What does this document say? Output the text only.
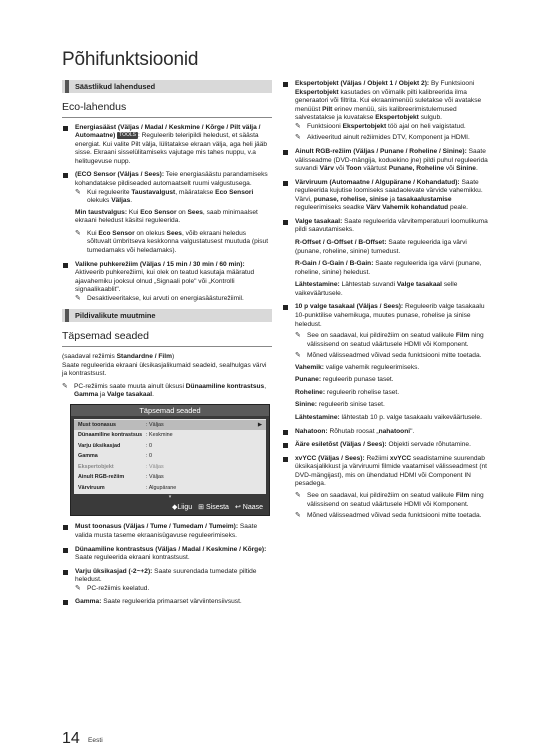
Põhifunktsioonid
Säästlikud lahendused
Eco-lahendus
Energiasääst (Väljas / Madal / Keskmine / Kõrge / Pilt välja / Automaatne) TOOLS : Reguleerib teleripildi heledust, et säästa energiat. Kui valite Pilt välja, lülitatakse ekraan välja, aga heli jääb sisse. Ekraani sisselülitamiseks vajutage mis tahes nuppu, v.a helitugevuse nupp.
(ECO Sensor (Väljas / Sees): Teie energiasäästu parandamiseks kohandatakse pildiseaded automaatselt ruumi valgustusega.
✎ Kui reguleerite Taustavalgust, määratakse Eco Sensori olekuks Väljas.
Min taustvalgus: Kui Eco Sensor on Sees, saab minimaalset ekraani heledust käsitsi reguleerida.
✎ Kui Eco Sensor on olekus Sees, võib ekraani heledus sõltuvalt ümbritseva keskkonna valgustatusest muutuda (pisut tumedamaks või heledamaks).
Valikne puhkerežiim (Väljas / 15 min / 30 min / 60 min): Aktiveerib puhkerežiimi, kui olek on teatud kasutaja määratud ajavahemiku jooksul olnud „Signaali pole" või „Kontrolli signaalikaablit".
✎ Desaktiveeritakse, kui arvuti on energiasäästurežiimil.
Pildivalikute muutmine
Täpsemad seaded
(saadaval režiimis Standardne / Film)
Saate reguleerida ekraani üksikasjalikumaid seadeid, sealhulgas värvi ja kontrastsust.
✎ PC-režiimis saate muuta ainult üksusi Dünaamiline kontrastsus, Gamma ja Valge tasakaal.
Täpsemad seaded
Must toonasus	: Väljas	▶
Dünaamiline kontrastsus : Keskmine
Varju üksikasjad	: 0
Gamma	: 0
Ekspertobjekt	: Väljas
Ainult RGB-režiim	: Väljas
Värviruum	: Algupärane
▾
◆Liigu ⊞ Sisesta ↩ Naase
Must toonasus (Väljas / Tume / Tumedam / Tumeim): Saate valida musta taseme ekraanisügavuse reguleerimiseks.
Dünaamiline kontrastsus (Väljas / Madal / Keskmine / Kõrge): Saate reguleerida ekraani kontrastsust.
Varju üksikasjad (-2~+2): Saate suurendada tumedate piltide heledust.
✎ PC-režiimis keelatud.
Gamma: Saate reguleerida primaarset värviintensiivsust.
Ekspertobjekt (Väljas / Objekt 1 / Objekt 2): By Funktsiooni Ekspertobjekt kasutades on võimalik pilti kalibreerida ilma generaatori või filtrita. Kui ekraanimenüü suletakse või avatakse menüüst Pilt erinev menüü, siis kalibreerimistulemused salvestatakse ja kuvatakse Ekspertobjekt sulgub.
✎ Funktsiooni Ekspertobjekt töö ajal on heli vaigistatud.
✎ Aktiveeritud ainult režiimides DTV, Komponent ja HDMI.
Ainult RGB-režiim (Väljas / Punane / Roheline / Sinine): Saate välisseadme (DVD-mängija, koduekino jne) pildi puhul reguleerida suvandi Värv või Toon väärtust Punane, Roheline või Sinine.
Värviruum (Automaatne / Algupärane / Kohandatud): Saate reguleerida kujutise loomiseks saadaolevate värvide vahemikku. Värvi, punase, rohelise, sinise ja tasakaalustamise reguleerimiseks seadke Värv Vahemik kohandatud peale.
Valge tasakaal: Saate reguleerida värvitemperatuuri loomulikuma pildi saavutamiseks.
R-Offset / G-Offset / B-Offset: Saate reguleerida iga värvi (punane, roheline, sinine) tumedust.
R-Gain / G-Gain / B-Gain: Saate reguleerida iga värvi (punane, roheline, sinine) heledust.
Lähtestamine: Lähtestab suvandi Valge tasakaal selle vaikeväärtusele.
10 p valge tasakaal (Väljas / Sees): Reguleerib valge tasakaalu 10-punktilise vahemikuga, muutes punase, rohelise ja sinise heledust.
✎ See on saadaval, kui pildirežiim on seatud valikule Film ning välissisend on seatud väärtusele HDMI või Komponent.
✎ Mõned välisseadmed võivad seda funktsiooni mitte toetada.
Vahemik: valige vahemik reguleerimiseks.
Punane: reguleerib punase taset.
Roheline: reguleerib rohelise taset.
Sinine: reguleerib sinise taset.
Lähtestamine: lähtestab 10 p. valge tasakaalu vaikeväärtusele.
Nahatoon: Rõhutab roosat „nahatooni".
Ääre esiletõst (Väljas / Sees): Objekti servade rõhutamine.
xvYCC (Väljas / Sees): Režiimi xvYCC seadistamine suurendab üksikasjalikkust ja värviruumi filmide vaatamisel välisseadmest (nt DVD-mängijast), mis on ühendatud HDMI või Component IN pesadega.
✎ See on saadaval, kui pildirežiim on seatud valikule Film ning välissisend on seatud väärtusele HDMI või Komponent.
✎ Mõned välisseadmed võivad seda funktsiooni mitte toetada.
14 Eesti
